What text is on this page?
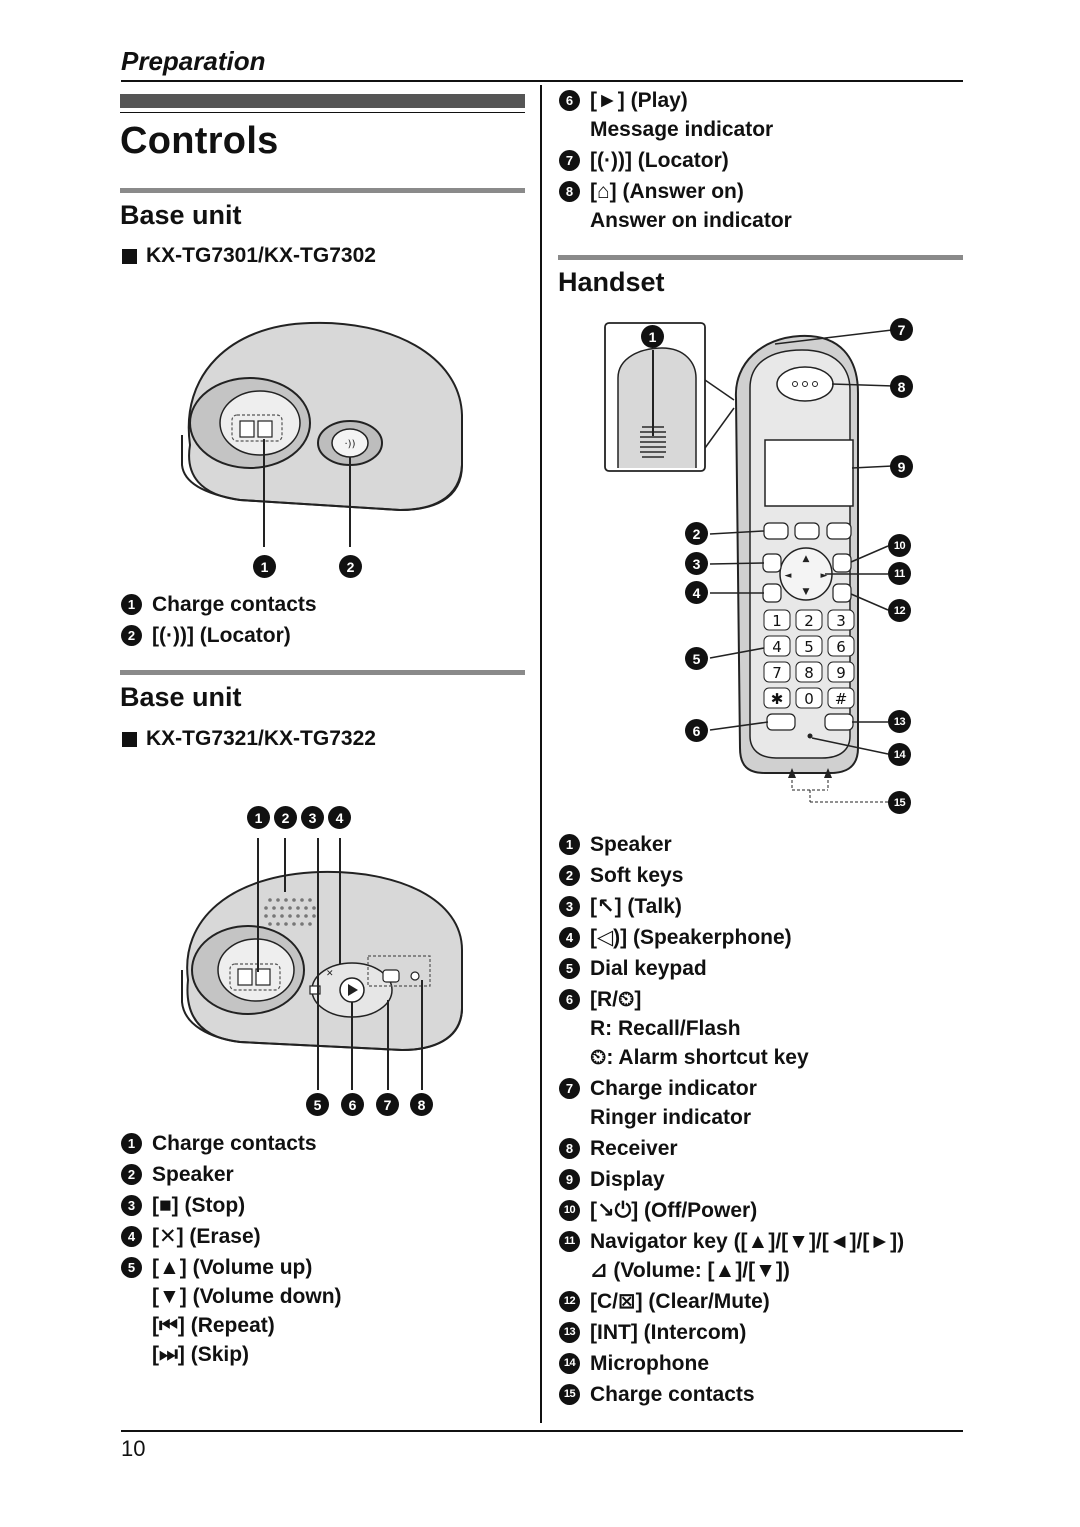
Preparation
Controls
Base unit
KX-TG7301/KX-TG7302
·))
1	2
1 Charge contacts
2 [(·))] (Locator)
Base unit
KX-TG7321/KX-TG7322
1	2	3	4
✕
5	6	7	8
1 Charge contacts
2 Speaker
3 [■] (Stop)
4 [✕] (Erase)
5 [▲] (Volume up)
[▼] (Volume down)
[⏮] (Repeat)
[⏭] (Skip)
6 [►] (Play)
Message indicator
7 [(·))] (Locator)
8 [⌂] (Answer on)
Answer on indicator
Handset
▲
▼
◄	►
1 2 3
4 5 6
7 8 9
✱ 0 #
1
2
3
4
5
6
7
8
9
10
11
12
13
14
15
1 Speaker
2 Soft keys
3 [↖] (Talk)
4 [◁)] (Speakerphone)
5 Dial keypad
6 [R/⏲]
R: Recall/Flash
⏲: Alarm shortcut key
7 Charge indicator
Ringer indicator
8 Receiver
9 Display
10 [↘⏻] (Off/Power)
11 Navigator key ([▲]/[▼]/[◄]/[►])
⊿ (Volume: [▲]/[▼])
12 [C/⊠] (Clear/Mute)
13 [INT] (Intercom)
14 Microphone
15 Charge contacts
10
